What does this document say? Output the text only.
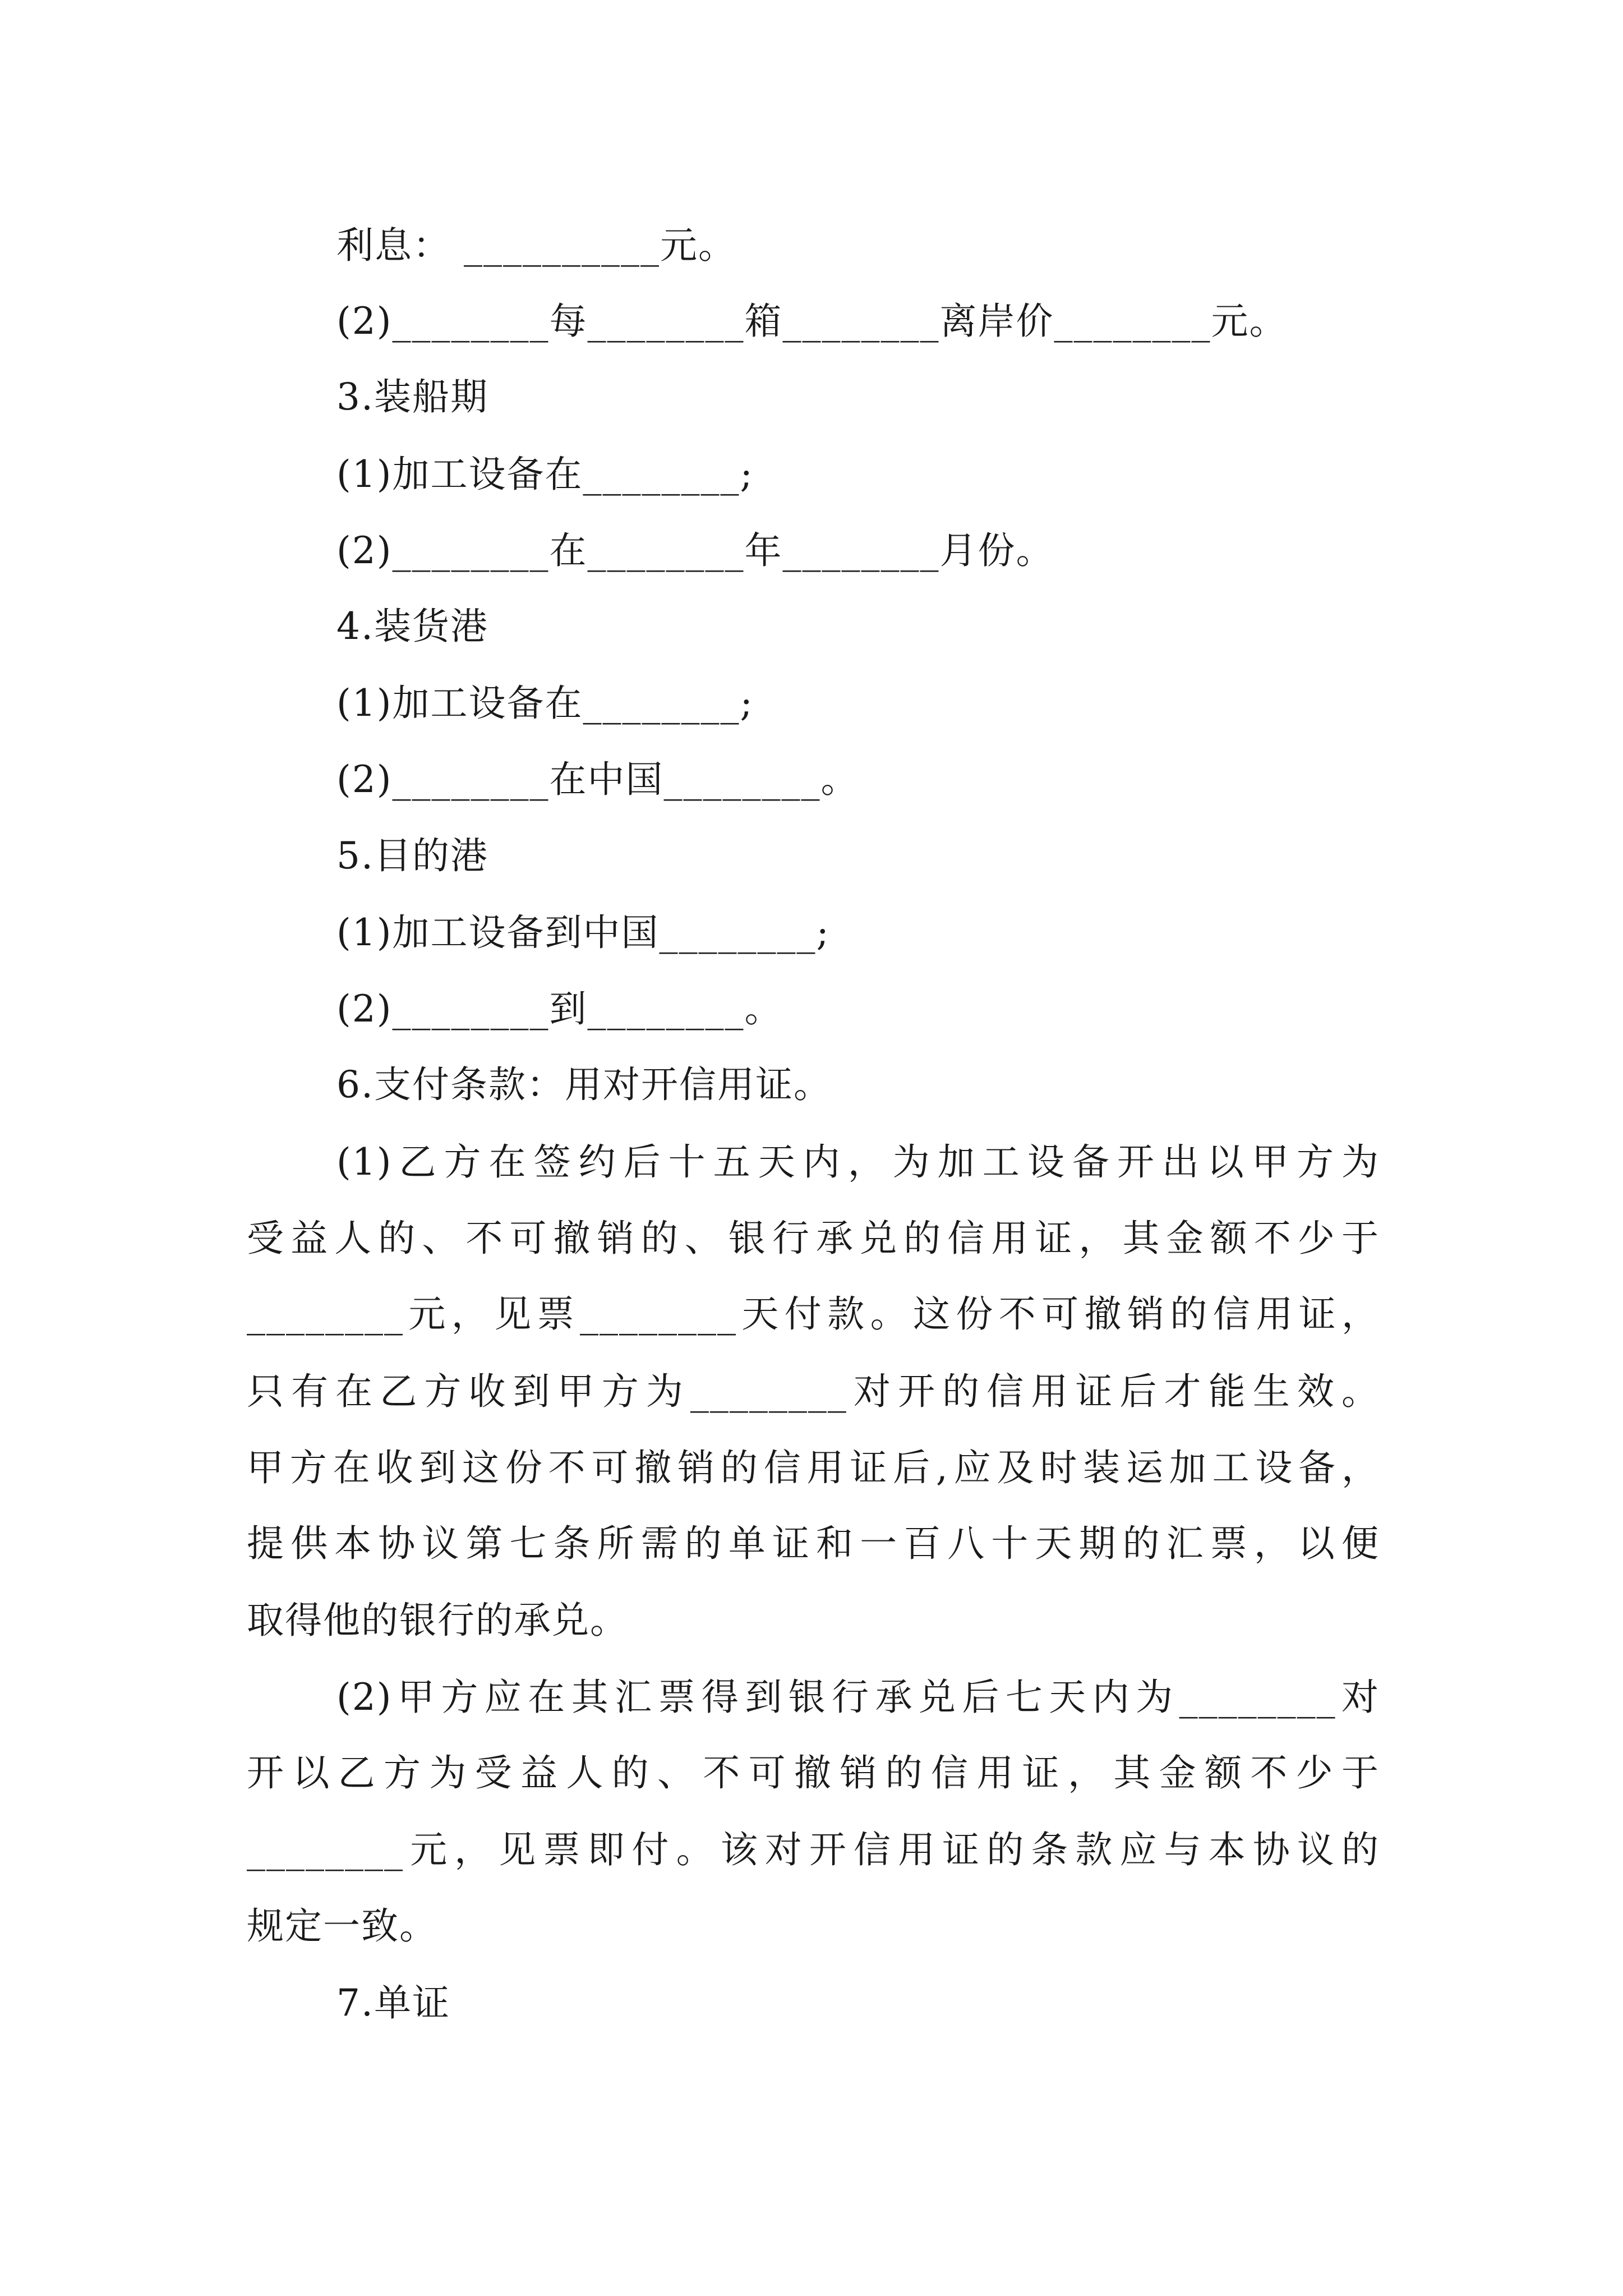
利息： __________元。
(2)________每________箱________离岸价________元。
3.装船期
(1)加工设备在________;
(2)________在________年________月份。
4.装货港
(1)加工设备在________;
(2)________在中国________。
5.目的港
(1)加工设备到中国________;
(2)________到________。
6.支付条款：用对开信用证。
(1)乙方在签约后十五天内，为加工设备开出以甲方为
受益人的、不可撤销的、银行承兑的信用证，其金额不少于
________元，见票________天付款。这份不可撤销的信用证，
只有在乙方收到甲方为________对开的信用证后才能生效。
甲方在收到这份不可撤销的信用证后,应及时装运加工设备，
提供本协议第七条所需的单证和一百八十天期的汇票，以便
取得他的银行的承兑。
(2)甲方应在其汇票得到银行承兑后七天内为________对
开以乙方为受益人的、不可撤销的信用证，其金额不少于
________元，见票即付。该对开信用证的条款应与本协议的
规定一致。
7.单证
